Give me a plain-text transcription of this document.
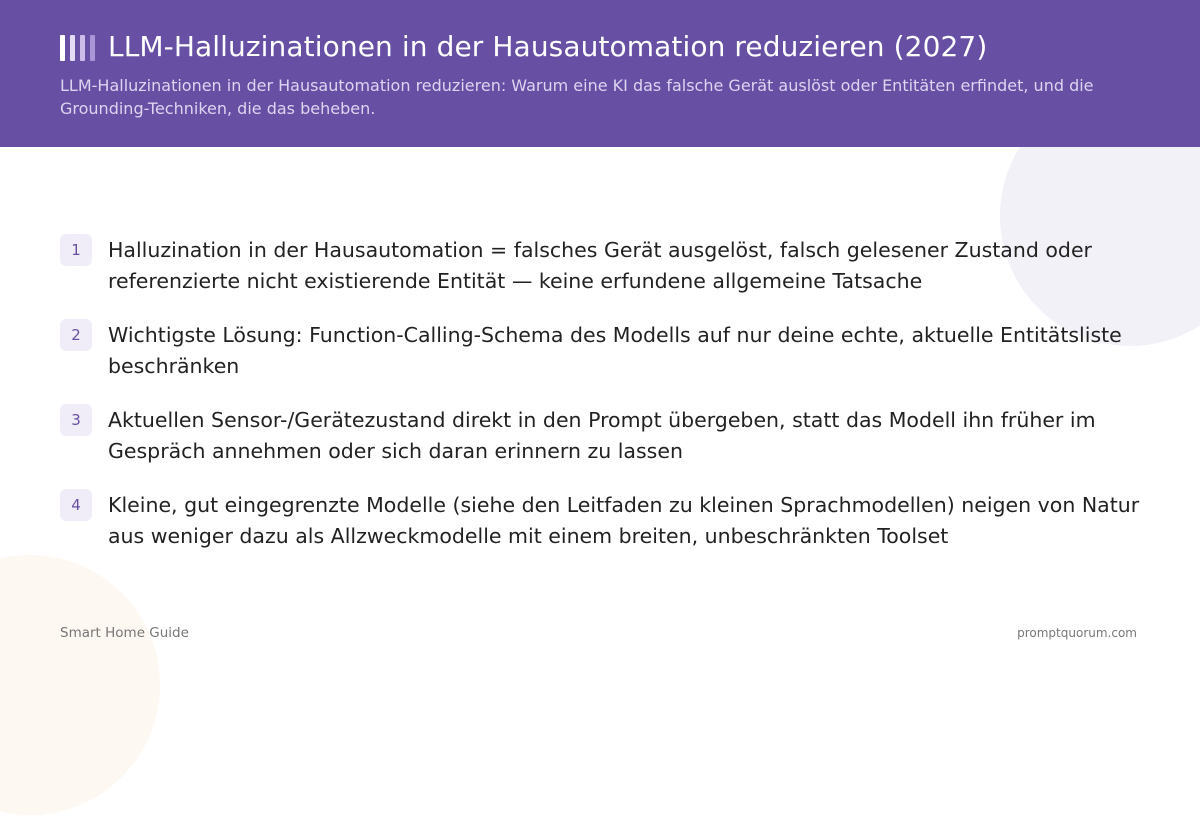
LLM-Halluzinationen in der Hausautomation reduzieren (2027)

LLM-Halluzinationen in der Hausautomation reduzieren: Warum eine KI das falsche Gerät auslöst oder Entitäten erfindet, und die Grounding-Techniken, die das beheben.

1	Halluzination in der Hausautomation = falsches Gerät ausgelöst, falsch gelesener Zustand oder referenzierte nicht existierende Entität — keine erfundene allgemeine Tatsache
2	Wichtigste Lösung: Function-Calling-Schema des Modells auf nur deine echte, aktuelle Entitätsliste beschränken
3	Aktuellen Sensor-/Gerätezustand direkt in den Prompt übergeben, statt das Modell ihn früher im Gespräch annehmen oder sich daran erinnern zu lassen
4	Kleine, gut eingegrenzte Modelle (siehe den Leitfaden zu kleinen Sprachmodellen) neigen von Natur aus weniger dazu als Allzweckmodelle mit einem breiten, unbeschränkten Toolset
Smart Home Guide	promptquorum.com
